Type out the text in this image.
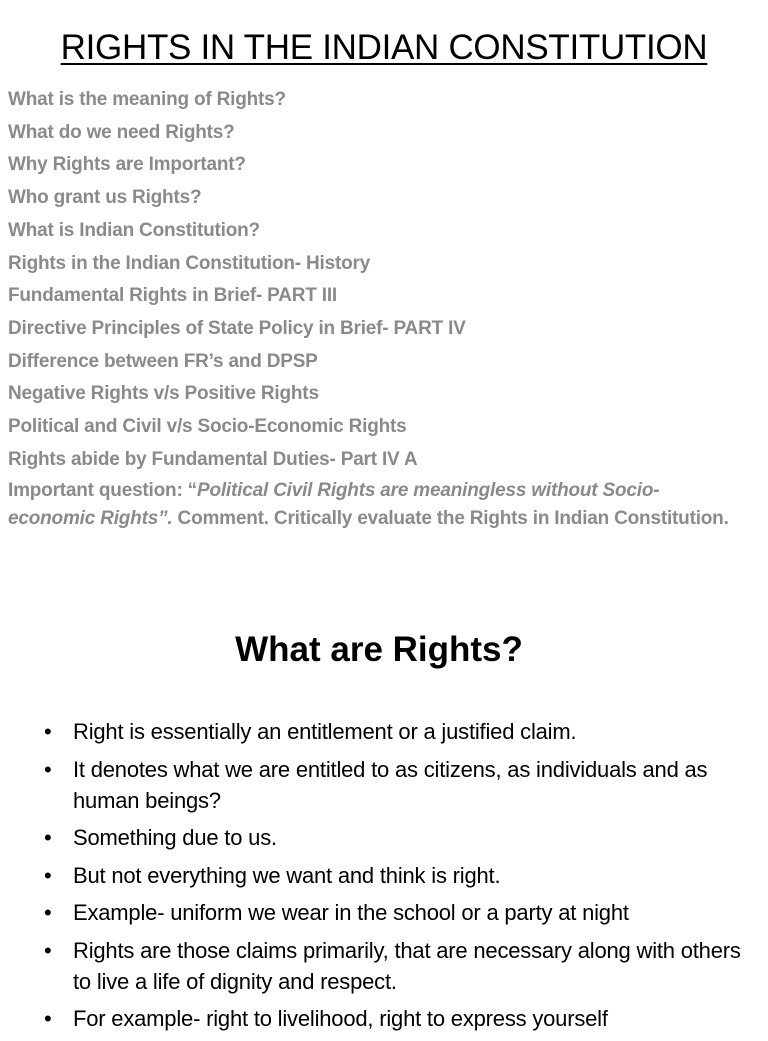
RIGHTS IN THE INDIAN CONSTITUTION
What is the meaning of Rights?
What do we need Rights?
Why Rights are Important?
Who grant us Rights?
What is Indian Constitution?
Rights in the Indian Constitution- History
Fundamental Rights in Brief- PART III
Directive Principles of State Policy in Brief- PART IV
Difference between FR’s and DPSP
Negative Rights v/s Positive Rights
Political and Civil v/s Socio-Economic Rights
Rights abide by Fundamental Duties- Part IV A
Important question: “Political Civil Rights are meaningless without Socio-economic Rights”. Comment. Critically evaluate the Rights in Indian Constitution.
What are Rights?
• Right is essentially an entitlement or a justified claim.
• It denotes what we are entitled to as citizens, as individuals and as human beings?
• Something due to us.
• But not everything we want and think is right.
• Example- uniform we wear in the school or a party at night
• Rights are those claims primarily, that are necessary along with others to live a life of dignity and respect.
• For example- right to livelihood, right to express yourself
